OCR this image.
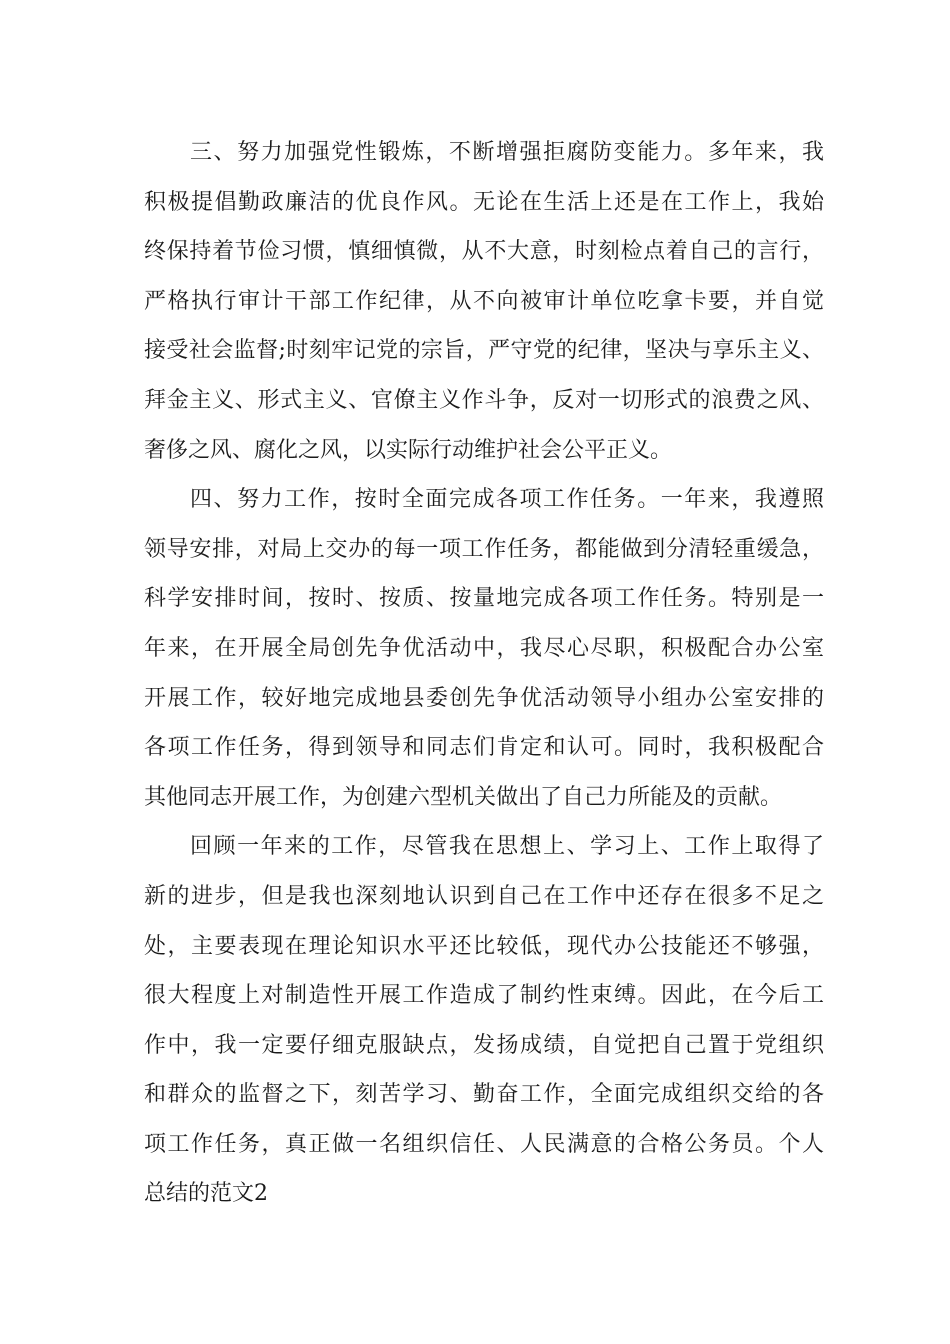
三、努力加强党性锻炼，不断增强拒腐防变能力。多年来，我
积极提倡勤政廉洁的优良作风。无论在生活上还是在工作上，我始
终保持着节俭习惯，慎细慎微，从不大意，时刻检点着自己的言行，
严格执行审计干部工作纪律，从不向被审计单位吃拿卡要，并自觉
接受社会监督;时刻牢记党的宗旨，严守党的纪律，坚决与享乐主义、
拜金主义、形式主义、官僚主义作斗争，反对一切形式的浪费之风、
奢侈之风、腐化之风，以实际行动维护社会公平正义。
四、努力工作，按时全面完成各项工作任务。一年来，我遵照
领导安排，对局上交办的每一项工作任务，都能做到分清轻重缓急，
科学安排时间，按时、按质、按量地完成各项工作任务。特别是一
年来，在开展全局创先争优活动中，我尽心尽职，积极配合办公室
开展工作，较好地完成地县委创先争优活动领导小组办公室安排的
各项工作任务，得到领导和同志们肯定和认可。同时，我积极配合
其他同志开展工作，为创建六型机关做出了自己力所能及的贡献。
回顾一年来的工作，尽管我在思想上、学习上、工作上取得了
新的进步，但是我也深刻地认识到自己在工作中还存在很多不足之
处，主要表现在理论知识水平还比较低，现代办公技能还不够强，
很大程度上对制造性开展工作造成了制约性束缚。因此，在今后工
作中，我一定要仔细克服缺点，发扬成绩，自觉把自己置于党组织
和群众的监督之下，刻苦学习、勤奋工作，全面完成组织交给的各
项工作任务，真正做一名组织信任、人民满意的合格公务员。个人
总结的范文2
